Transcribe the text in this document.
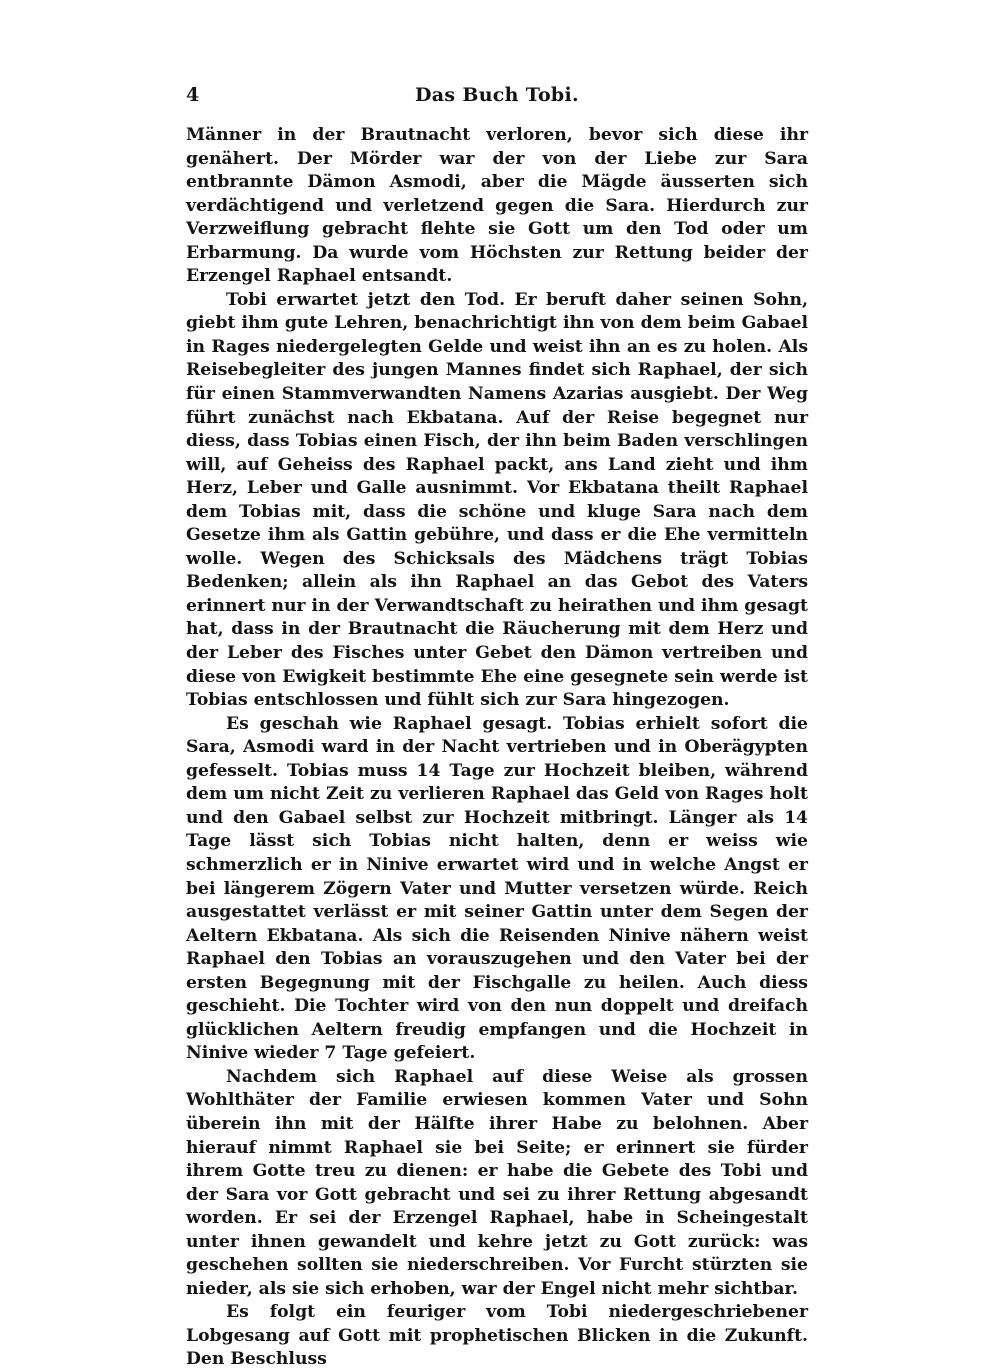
4	Das Buch Tobi.

Männer in der Brautnacht verloren, bevor sich diese ihr genähert. Der Mörder war der von der Liebe zur Sara entbrannte Dämon Asmodi, aber die Mägde äusserten sich verdächtigend und verletzend gegen die Sara. Hierdurch zur Verzweiflung gebracht flehte sie Gott um den Tod oder um Erbarmung. Da wurde vom Höchsten zur Rettung beider der Erzengel Raphael entsandt.

Tobi erwartet jetzt den Tod. Er beruft daher seinen Sohn, giebt ihm gute Lehren, benachrichtigt ihn von dem beim Gabael in Rages niedergelegten Gelde und weist ihn an es zu holen. Als Reisebegleiter des jungen Mannes findet sich Raphael, der sich für einen Stammverwandten Namens Azarias ausgiebt. Der Weg führt zunächst nach Ekbatana. Auf der Reise begegnet nur diess, dass Tobias einen Fisch, der ihn beim Baden verschlingen will, auf Geheiss des Raphael packt, ans Land zieht und ihm Herz, Leber und Galle ausnimmt. Vor Ekbatana theilt Raphael dem Tobias mit, dass die schöne und kluge Sara nach dem Gesetze ihm als Gattin gebühre, und dass er die Ehe vermitteln wolle. Wegen des Schicksals des Mädchens trägt Tobias Bedenken; allein als ihn Raphael an das Gebot des Vaters erinnert nur in der Verwandtschaft zu heirathen und ihm gesagt hat, dass in der Brautnacht die Räucherung mit dem Herz und der Leber des Fisches unter Gebet den Dämon vertreiben und diese von Ewigkeit bestimmte Ehe eine gesegnete sein werde ist Tobias entschlossen und fühlt sich zur Sara hingezogen.

Es geschah wie Raphael gesagt. Tobias erhielt sofort die Sara, Asmodi ward in der Nacht vertrieben und in Oberägypten gefesselt. Tobias muss 14 Tage zur Hochzeit bleiben, während dem um nicht Zeit zu verlieren Raphael das Geld von Rages holt und den Gabael selbst zur Hochzeit mitbringt. Länger als 14 Tage lässt sich Tobias nicht halten, denn er weiss wie schmerzlich er in Ninive erwartet wird und in welche Angst er bei längerem Zögern Vater und Mutter versetzen würde. Reich ausgestattet verlässt er mit seiner Gattin unter dem Segen der Aeltern Ekbatana. Als sich die Reisenden Ninive nähern weist Raphael den Tobias an vorauszugehen und den Vater bei der ersten Begegnung mit der Fischgalle zu heilen. Auch diess geschieht. Die Tochter wird von den nun doppelt und dreifach glücklichen Aeltern freudig empfangen und die Hochzeit in Ninive wieder 7 Tage gefeiert.

Nachdem sich Raphael auf diese Weise als grossen Wohlthäter der Familie erwiesen kommen Vater und Sohn überein ihn mit der Hälfte ihrer Habe zu belohnen. Aber hierauf nimmt Raphael sie bei Seite; er erinnert sie fürder ihrem Gotte treu zu dienen: er habe die Gebete des Tobi und der Sara vor Gott gebracht und sei zu ihrer Rettung abgesandt worden. Er sei der Erzengel Raphael, habe in Scheingestalt unter ihnen gewandelt und kehre jetzt zu Gott zurück: was geschehen sollten sie niederschreiben. Vor Furcht stürzten sie nieder, als sie sich erhoben, war der Engel nicht mehr sichtbar.

Es folgt ein feuriger vom Tobi niedergeschriebener Lobgesang auf Gott mit prophetischen Blicken in die Zukunft. Den Beschluss
